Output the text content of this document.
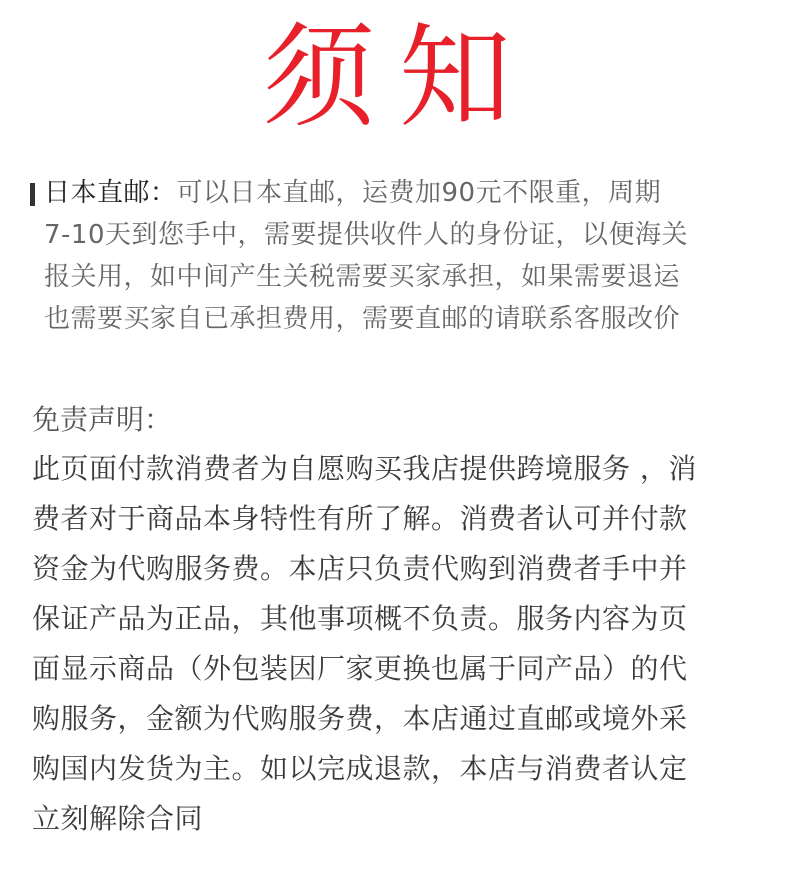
须知

日本直邮：可以日本直邮，运费加90元不限重，周期
7-10天到您手中，需要提供收件人的身份证，以便海关
报关用，如中间产生关税需要买家承担，如果需要退运
也需要买家自已承担费用，需要直邮的请联系客服改价

免责声明：
此页面付款消费者为自愿购买我店提供跨境服务 ，消
费者对于商品本身特性有所了解。消费者认可并付款
资金为代购服务费。本店只负责代购到消费者手中并
保证产品为正品，其他事项概不负责。服务内容为页
面显示商品（外包装因厂家更换也属于同产品）的代
购服务，金额为代购服务费，本店通过直邮或境外采
购国内发货为主。如以完成退款，本店与消费者认定
立刻解除合同
